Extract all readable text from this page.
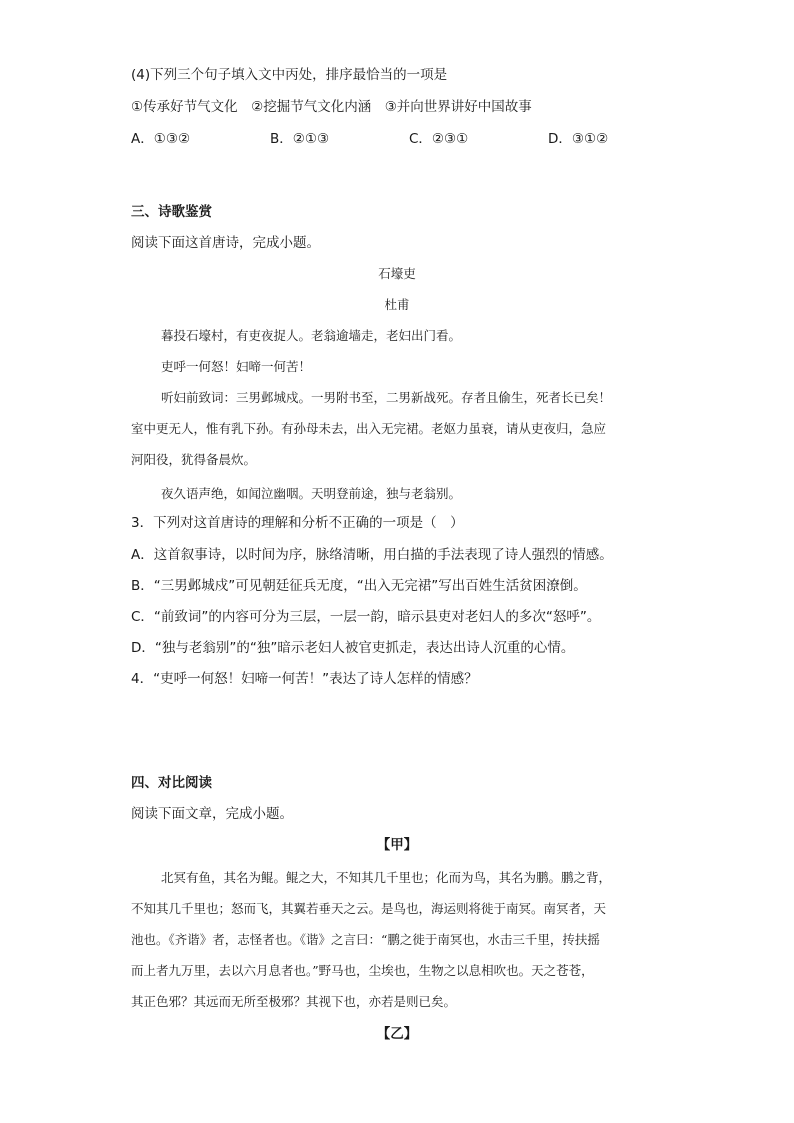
(4)下列三个句子填入文中丙处，排序最恰当的一项是
①传承好节气文化　②挖掘节气文化内涵　③并向世界讲好中国故事
A．①③②	B．②①③	C．②③①	D．③①②
三、诗歌鉴赏
阅读下面这首唐诗，完成小题。
石壕吏
杜甫
暮投石壕村，有吏夜捉人。老翁逾墙走，老妇出门看。
吏呼一何怒！妇啼一何苦！
听妇前致词：三男邺城戍。一男附书至，二男新战死。存者且偷生，死者长已矣！
室中更无人，惟有乳下孙。有孙母未去，出入无完裙。老妪力虽衰，请从吏夜归，急应
河阳役，犹得备晨炊。
夜久语声绝，如闻泣幽咽。天明登前途，独与老翁别。
3．下列对这首唐诗的理解和分析不正确的一项是（　）
A．这首叙事诗，以时间为序，脉络清晰，用白描的手法表现了诗人强烈的情感。
B．“三男邺城戍”可见朝廷征兵无度，“出入无完裙”写出百姓生活贫困潦倒。
C．“前致词”的内容可分为三层，一层一韵，暗示县吏对老妇人的多次“怒呼”。
D．“独与老翁别”的“独”暗示老妇人被官吏抓走，表达出诗人沉重的心情。
4．“吏呼一何怒！妇啼一何苦！”表达了诗人怎样的情感？
四、对比阅读
阅读下面文章，完成小题。
【甲】
北冥有鱼，其名为鲲。鲲之大，不知其几千里也；化而为鸟，其名为鹏。鹏之背，
不知其几千里也；怒而飞，其翼若垂天之云。是鸟也，海运则将徙于南冥。南冥者，天
池也。《齐谐》者，志怪者也。《谐》之言曰：“鹏之徙于南冥也，水击三千里，抟扶摇
而上者九万里，去以六月息者也。”野马也，尘埃也，生物之以息相吹也。天之苍苍，
其正色邪？其远而无所至极邪？其视下也，亦若是则已矣。
【乙】
